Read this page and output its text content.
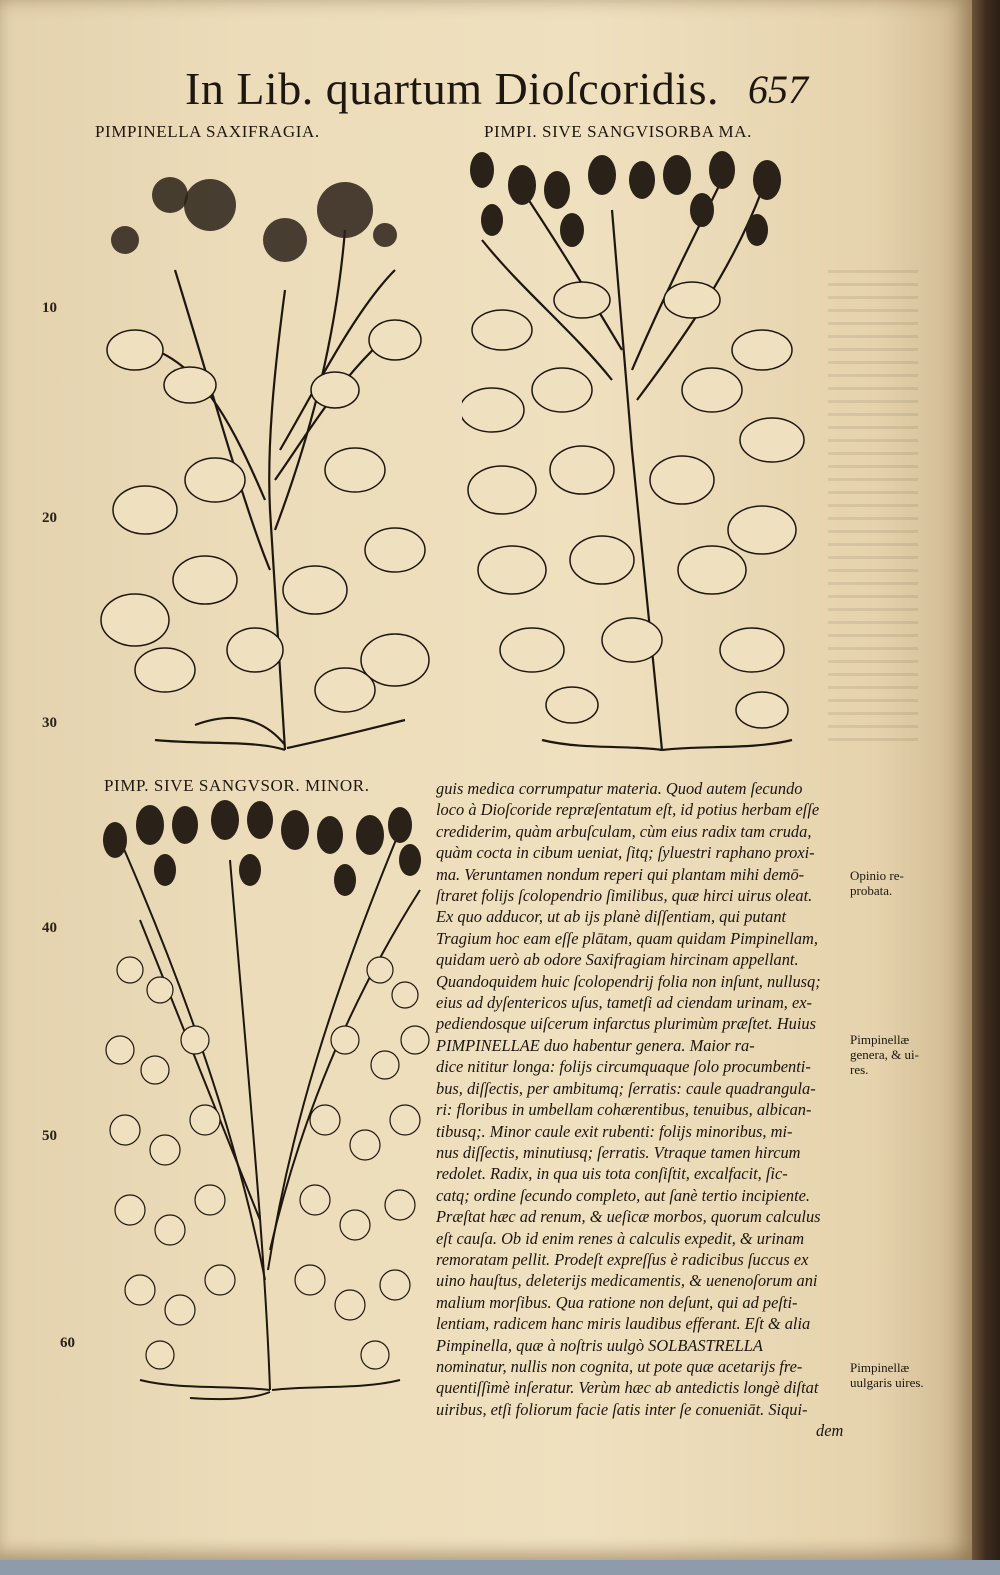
In Lib. quartum Dioſcoridis. 657
PIMPINELLA SAXIFRAGIA.	PIMPI. SIVE SANGVISORBA MA.
PIMP. SIVE SANGVSOR. MINOR.
10
20
30
40
50
60
guis medica corrumpatur materia. Quod autem ſecundo
loco à Dioſcoride repræſentatum eſt, id potius herbam eſſe
crediderim, quàm arbuſculam, cùm eius radix tam cruda,
quàm cocta in cibum ueniat, ſitq; ſyluestri raphano proxi-
ma. Veruntamen nondum reperi qui plantam mihi demō-
ſtraret folijs ſcolopendrio ſimilibus, quæ hirci uirus oleat.
Ex quo adducor, ut ab ijs planè diſſentiam, qui putant
Tragium hoc eam eſſe plātam, quam quidam Pimpinellam,
quidam uerò ab odore Saxifragiam hircinam appellant.
Quandoquidem huic ſcolopendrij folia non inſunt, nullusq;
eius ad dyſentericos uſus, tametſi ad ciendam urinam, ex-
pediendosque uiſcerum infarctus plurimùm præſtet. Huius
PIMPINELLAE duo habentur genera. Maior ra-
dice nititur longa: folijs circumquaque ſolo procumbenti-
bus, diſſectis, per ambitumq; ſerratis: caule quadrangula-
ri: floribus in umbellam cohærentibus, tenuibus, albican-
tibusq;. Minor caule exit rubenti: folijs minoribus, mi-
nus diſſectis, minutiusq; ſerratis. Vtraque tamen hircum
redolet. Radix, in qua uis tota conſiſtit, excalfacit, ſic-
catq; ordine ſecundo completo, aut ſanè tertio incipiente.
Præſtat hæc ad renum, & ueſicæ morbos, quorum calculus
eſt cauſa. Ob id enim renes à calculis expedit, & urinam
remoratam pellit. Prodeſt expreſſus è radicibus ſuccus ex
uino hauſtus, deleterijs medicamentis, & uenenoſorum ani
malium morſibus. Qua ratione non deſunt, qui ad peſti-
lentiam, radicem hanc miris laudibus efferant. Eſt & alia
Pimpinella, quæ à noſtris uulgò SOLBASTRELLA
nominatur, nullis non cognita, ut pote quæ acetarijs fre-
quentiſſimè inſeratur. Verùm hæc ab antedictis longè diſtat
uiribus, etſi foliorum facie ſatis inter ſe conueniāt. Siqui-
dem
Opinio re-
probata.
Pimpinellæ
genera, & ui-
res.
Pimpinellæ
uulgaris uires.
